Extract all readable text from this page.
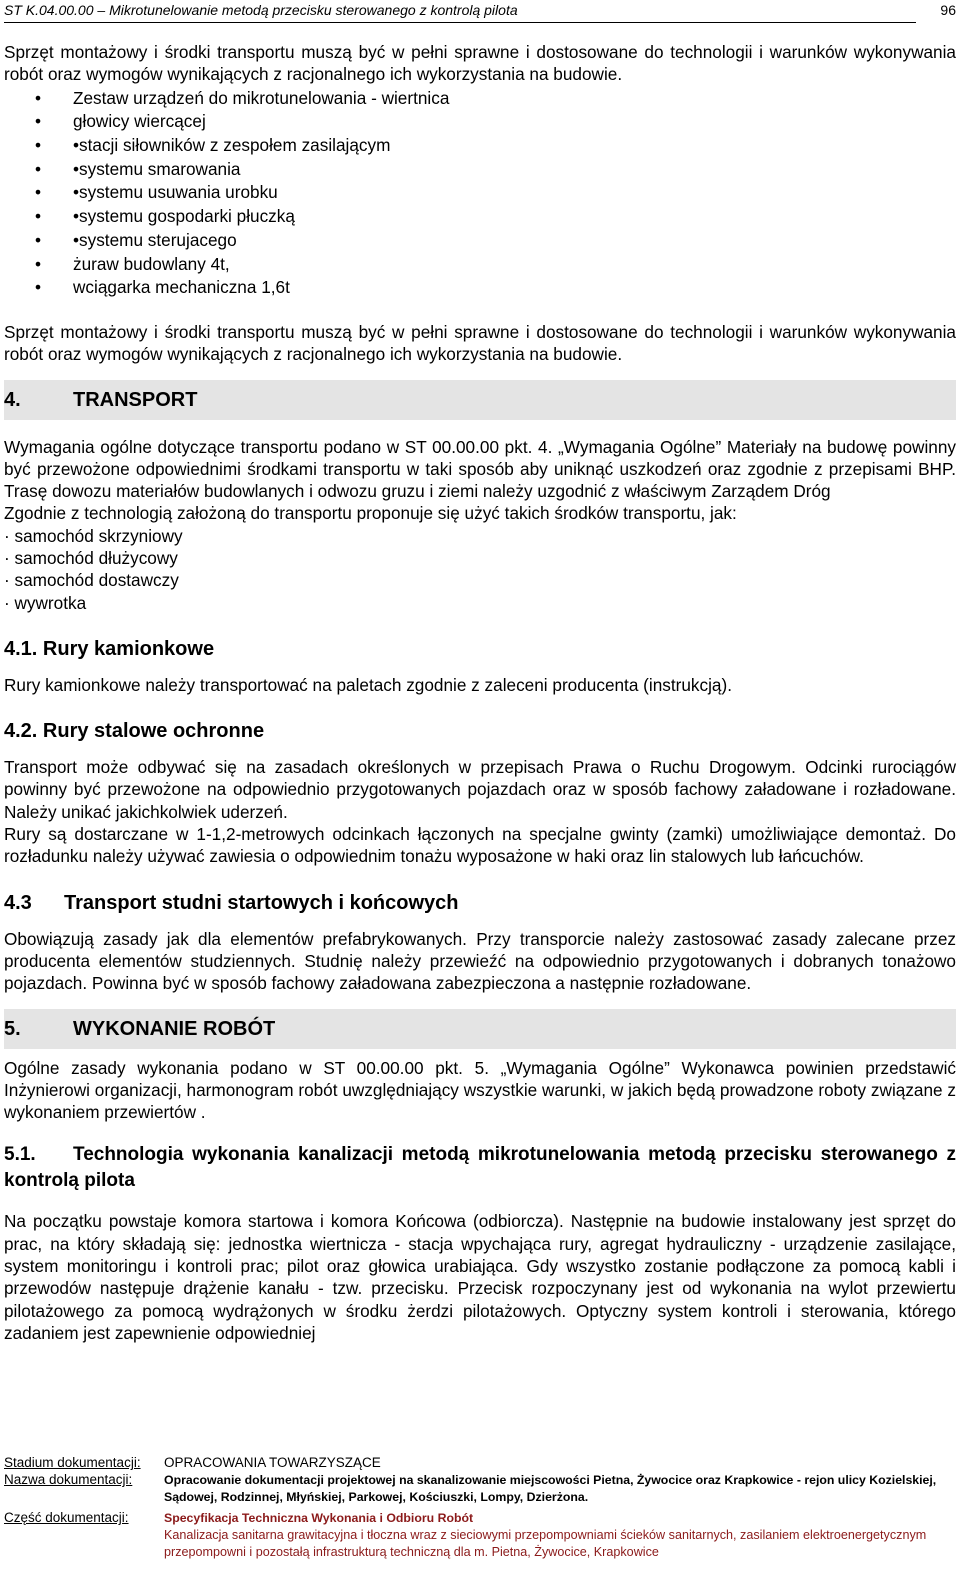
ST K.04.00.00 – Mikrotunelowanie metodą przecisku sterowanego z kontrolą pilota	96

Sprzęt montażowy i środki transportu muszą być w pełni sprawne i dostosowane do technologii i warunków wykonywania robót oraz wymogów wynikających z racjonalnego ich wykorzystania na budowie.

• Zestaw urządzeń do mikrotunelowania - wiertnica
• głowicy wiercącej
• •stacji siłowników z zespołem zasilającym
• •systemu smarowania
• •systemu usuwania urobku
• •systemu gospodarki płuczką
• •systemu sterujacego
• żuraw budowlany 4t,
• wciągarka mechaniczna 1,6t

Sprzęt montażowy i środki transportu muszą być w pełni sprawne i dostosowane do technologii i warunków wykonywania robót oraz wymogów wynikających z racjonalnego ich wykorzystania na budowie.

4.	TRANSPORT

Wymagania ogólne dotyczące transportu podano w ST 00.00.00 pkt. 4. „Wymagania Ogólne” Materiały na budowę powinny być przewożone odpowiednimi środkami transportu w taki sposób aby uniknąć uszkodzeń oraz zgodnie z przepisami BHP. Trasę dowozu materiałów budowlanych i odwozu gruzu i ziemi należy uzgodnić z właściwym Zarządem Dróg

Zgodnie z technologią założoną do transportu proponuje się użyć takich środków transportu, jak:

· samochód skrzyniowy
· samochód dłużycowy
· samochód dostawczy
· wywrotka
4.1. Rury kamionkowe

Rury kamionkowe należy transportować na paletach zgodnie z zaleceni producenta (instrukcją).

4.2. Rury stalowe ochronne

Transport może odbywać się na zasadach określonych w przepisach Prawa o Ruchu Drogowym. Odcinki rurociągów powinny być przewożone na odpowiednio przygotowanych pojazdach oraz w sposób fachowy załadowane i rozładowane. Należy unikać jakichkolwiek uderzeń.

Rury są dostarczane w 1-1,2-metrowych odcinkach łączonych na specjalne gwinty (zamki) umożliwiające demontaż. Do rozładunku należy używać zawiesia o odpowiednim tonażu wyposażone w haki oraz lin stalowych lub łańcuchów.

4.3 Transport studni startowych i końcowych

Obowiązują zasady jak dla elementów prefabrykowanych. Przy transporcie należy zastosować zasady zalecane przez producenta elementów studziennych. Studnię należy przewieźć na odpowiednio przygotowanych i dobranych tonażowo pojazdach. Powinna być w sposób fachowy załadowana zabezpieczona a następnie rozładowane.

5.	WYKONANIE ROBÓT

Ogólne zasady wykonania podano w ST 00.00.00 pkt. 5. „Wymagania Ogólne” Wykonawca powinien przedstawić Inżynierowi organizacji, harmonogram robót uwzględniający wszystkie warunki, w jakich będą prowadzone roboty związane z wykonaniem przewiertów .

5.1. Technologia wykonania kanalizacji metodą mikrotunelowania metodą przecisku sterowanego z kontrolą pilota

Na początku powstaje komora startowa i komora Końcowa (odbiorcza). Następnie na budowie instalowany jest sprzęt do prac, na który składają się: jednostka wiertnicza - stacja wpychająca rury, agregat hydrauliczny - urządzenie zasilające, system monitoringu i kontroli prac; pilot oraz głowica urabiająca. Gdy wszystko zostanie podłączone za pomocą kabli i przewodów następuje drążenie kanału - tzw. przecisku. Przecisk rozpoczynany jest od wykonania na wylot przewiertu pilotażowego za pomocą wydrążonych w środku żerdzi pilotażowych. Optyczny system kontroli i sterowania, którego zadaniem jest zapewnienie odpowiedniej

Stadium dokumentacji:	OPRACOWANIA TOWARZYSZĄCE
Nazwa dokumentacji:	Opracowanie dokumentacji projektowej na skanalizowanie miejscowości Pietna, Żywocice oraz Krapkowice - rejon ulicy Kozielskiej, Sądowej, Rodzinnej, Młyńskiej, Parkowej, Kościuszki, Lompy, Dzierżona.
Część dokumentacji:	Specyfikacja Techniczna Wykonania i Odbioru Robót
Kanalizacja sanitarna grawitacyjna i tłoczna wraz z sieciowymi przepompowniami ścieków sanitarnych, zasilaniem elektroenergetycznym przepompowni i pozostałą infrastrukturą techniczną dla m. Pietna, Żywocice, Krapkowice
